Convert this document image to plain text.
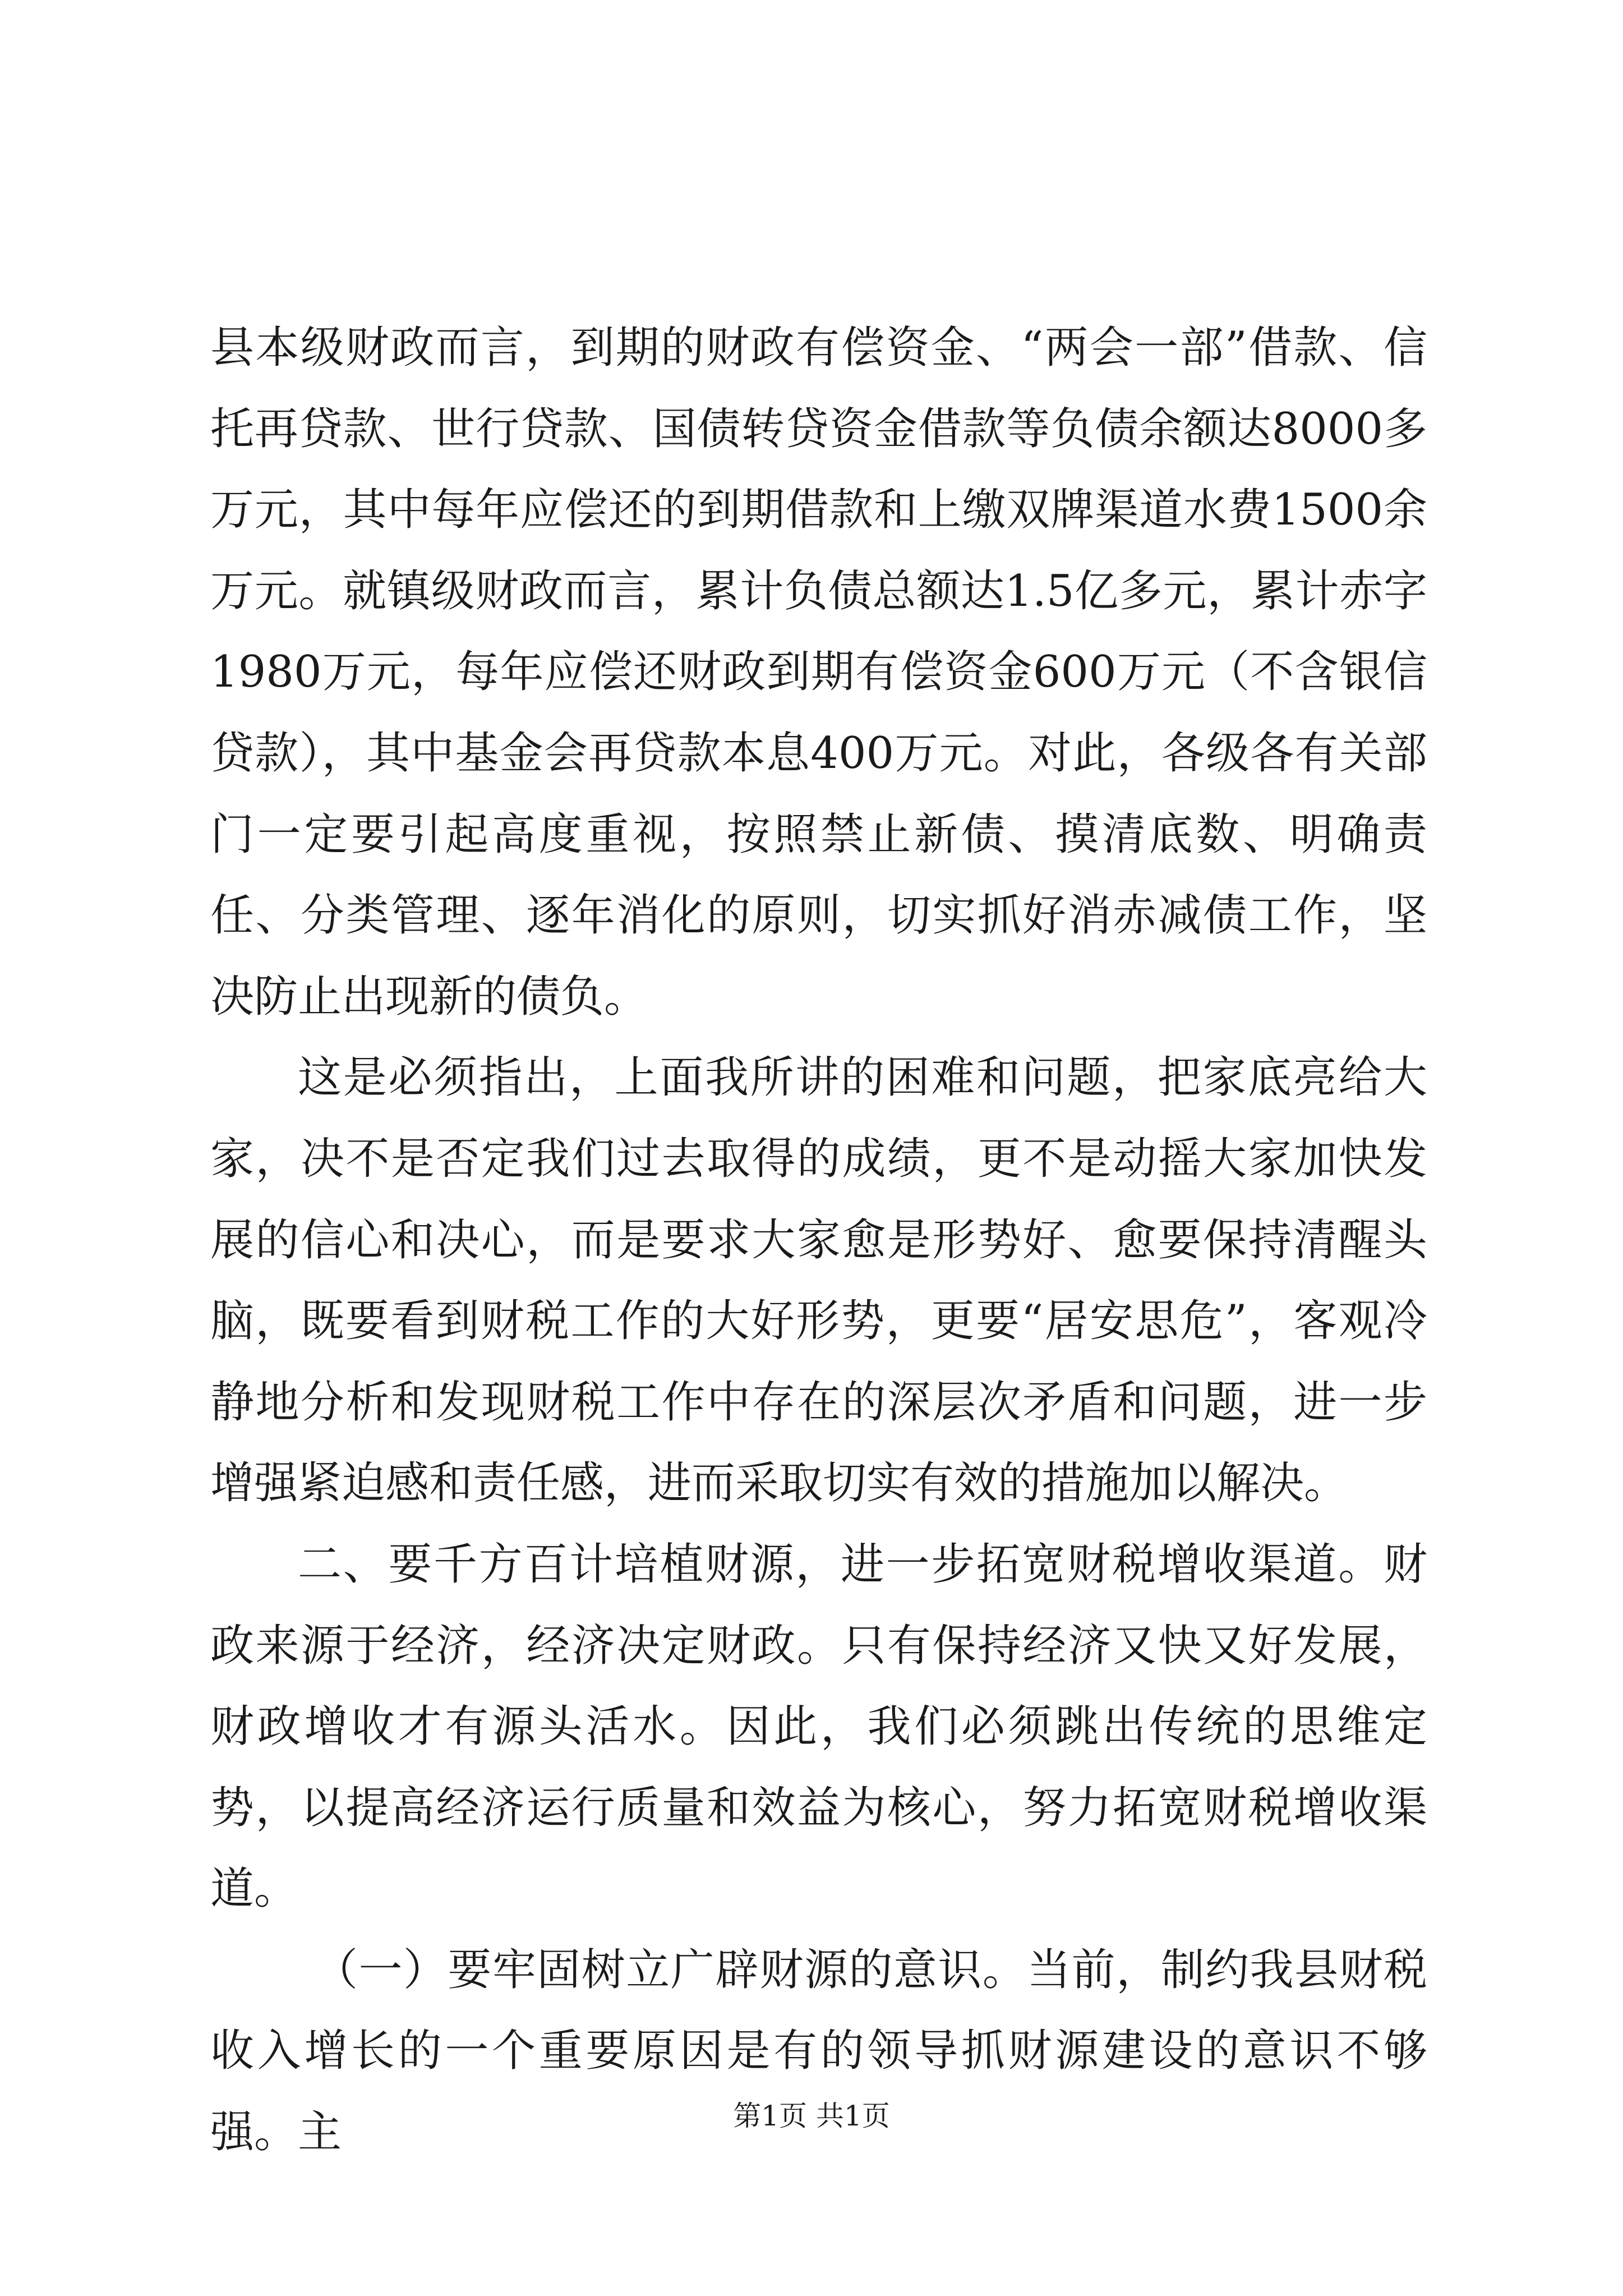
县本级财政而言，到期的财政有偿资金、“两会一部”借款、信托再贷款、世行贷款、国债转贷资金借款等负债余额达8000多万元，其中每年应偿还的到期借款和上缴双牌渠道水费1500余万元。就镇级财政而言，累计负债总额达1.5亿多元，累计赤字1980万元，每年应偿还财政到期有偿资金600万元（不含银信贷款），其中基金会再贷款本息400万元。对此，各级各有关部门一定要引起高度重视，按照禁止新债、摸清底数、明确责任、分类管理、逐年消化的原则，切实抓好消赤减债工作，坚决防止出现新的债负。

这是必须指出，上面我所讲的困难和问题，把家底亮给大家，决不是否定我们过去取得的成绩，更不是动摇大家加快发展的信心和决心，而是要求大家愈是形势好、愈要保持清醒头脑，既要看到财税工作的大好形势，更要“居安思危”，客观冷静地分析和发现财税工作中存在的深层次矛盾和问题，进一步增强紧迫感和责任感，进而采取切实有效的措施加以解决。

二、要千方百计培植财源，进一步拓宽财税增收渠道。财政来源于经济，经济决定财政。只有保持经济又快又好发展，财政增收才有源头活水。因此，我们必须跳出传统的思维定势，以提高经济运行质量和效益为核心，努力拓宽财税增收渠道。

（一）要牢固树立广辟财源的意识。当前，制约我县财税收入增长的一个重要原因是有的领导抓财源建设的意识不够强。主	第1页 共1页
